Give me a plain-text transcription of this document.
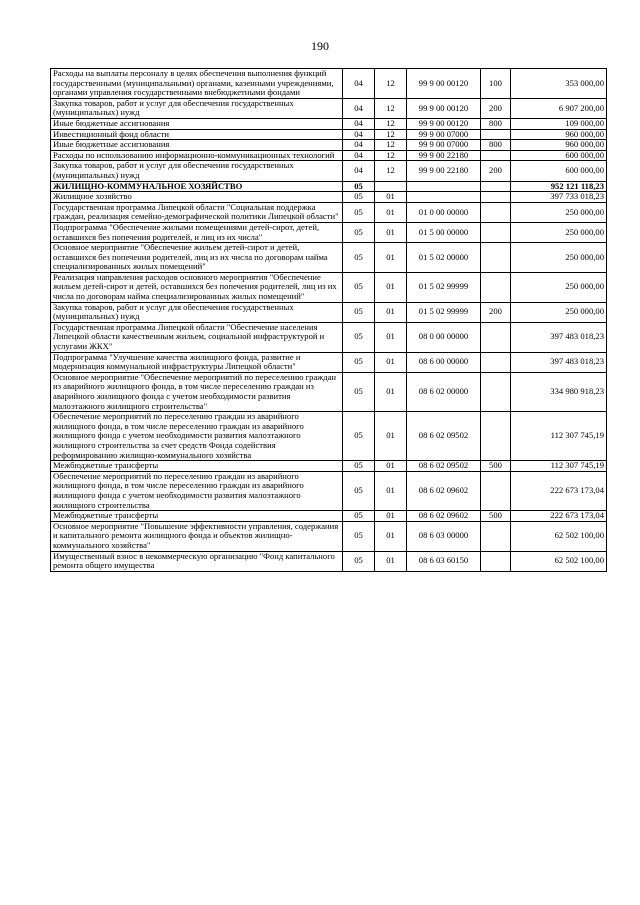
190
Расходы на выплаты персоналу в целях обеспечения выполнения функций государственными (муниципальными) органами, казенными учреждениями, органами управления государственными внебюджетными фондами	04	12	99 9 00 00120	100	353 000,00
Закупка товаров, работ и услуг для обеспечения государственных (муниципальных) нужд	04	12	99 9 00 00120	200	6 907 200,00
Иные бюджетные ассигнования	04	12	99 9 00 00120	800	109 000,00
Инвестиционный фонд области	04	12	99 9 00 07000		960 000,00
Иные бюджетные ассигнования	04	12	99 9 00 07000	800	960 000,00
Расходы по использованию информационно-коммуникационных технологий	04	12	99 9 00 22180		600 000,00
Закупка товаров, работ и услуг для обеспечения государственных (муниципальных) нужд	04	12	99 9 00 22180	200	600 000,00
ЖИЛИЩНО-КОММУНАЛЬНОЕ ХОЗЯЙСТВО	05				952 121 118,23
Жилищное хозяйство	05	01			397 733 018,23
Государственная программа Липецкой области "Социальная поддержка граждан, реализация семейно-демографической политики Липецкой области"	05	01	01 0 00 00000		250 000,00
Подпрограмма "Обеспечение жилыми помещениями детей-сирот, детей, оставшихся без попечения родителей, и лиц из их числа"	05	01	01 5 00 00000		250 000,00
Основное мероприятие "Обеспечение жильем детей-сирот и детей, оставшихся без попечения родителей, лиц из их числа по договорам найма специализированных жилых помещений"	05	01	01 5 02 00000		250 000,00
Реализация направления расходов основного мероприятия "Обеспечение жильем детей-сирот и детей, оставшихся без попечения родителей, лиц из их числа по договорам найма специализированных жилых помещений"	05	01	01 5 02 99999		250 000,00
Закупка товаров, работ и услуг для обеспечения государственных (муниципальных) нужд	05	01	01 5 02 99999	200	250 000,00
Государственная программа Липецкой области "Обеспечение населения Липецкой области качественным жильем, социальной инфраструктурой и услугами ЖКХ"	05	01	08 0 00 00000		397 483 018,23
Подпрограмма "Улучшение качества жилищного фонда, развитие и модернизация коммунальной инфраструктуры Липецкой области"	05	01	08 6 00 00000		397 483 018,23
Основное мероприятие "Обеспечение мероприятий по переселению граждан из аварийного жилищного фонда, в том числе переселению граждан из аварийного жилищного фонда с учетом необходимости развития малоэтажного жилищного строительства"	05	01	08 6 02 00000		334 980 918,23
Обеспечение мероприятий по переселению граждан из аварийного жилищного фонда, в том числе переселению граждан из аварийного жилищного фонда с учетом необходимости развития малоэтажного жилищного строительства за счет средств Фонда содействия реформированию жилищно-коммунального хозяйства	05	01	08 6 02 09502		112 307 745,19
Межбюджетные трансферты	05	01	08 6 02 09502	500	112 307 745,19
Обеспечение мероприятий по переселению граждан из аварийного жилищного фонда, в том числе переселению граждан из аварийного жилищного фонда с учетом необходимости развития малоэтажного жилищного строительства	05	01	08 6 02 09602		222 673 173,04
Межбюджетные трансферты	05	01	08 6 02 09602	500	222 673 173,04
Основное мероприятие "Повышение эффективности управления, содержания и капитального ремонта жилищного фонда и объектов жилищно-коммунального хозяйства"	05	01	08 6 03 00000		62 502 100,00
Имущественный взнос в некоммерческую организацию "Фонд капитального ремонта общего имущества	05	01	08 6 03 60150		62 502 100,00
